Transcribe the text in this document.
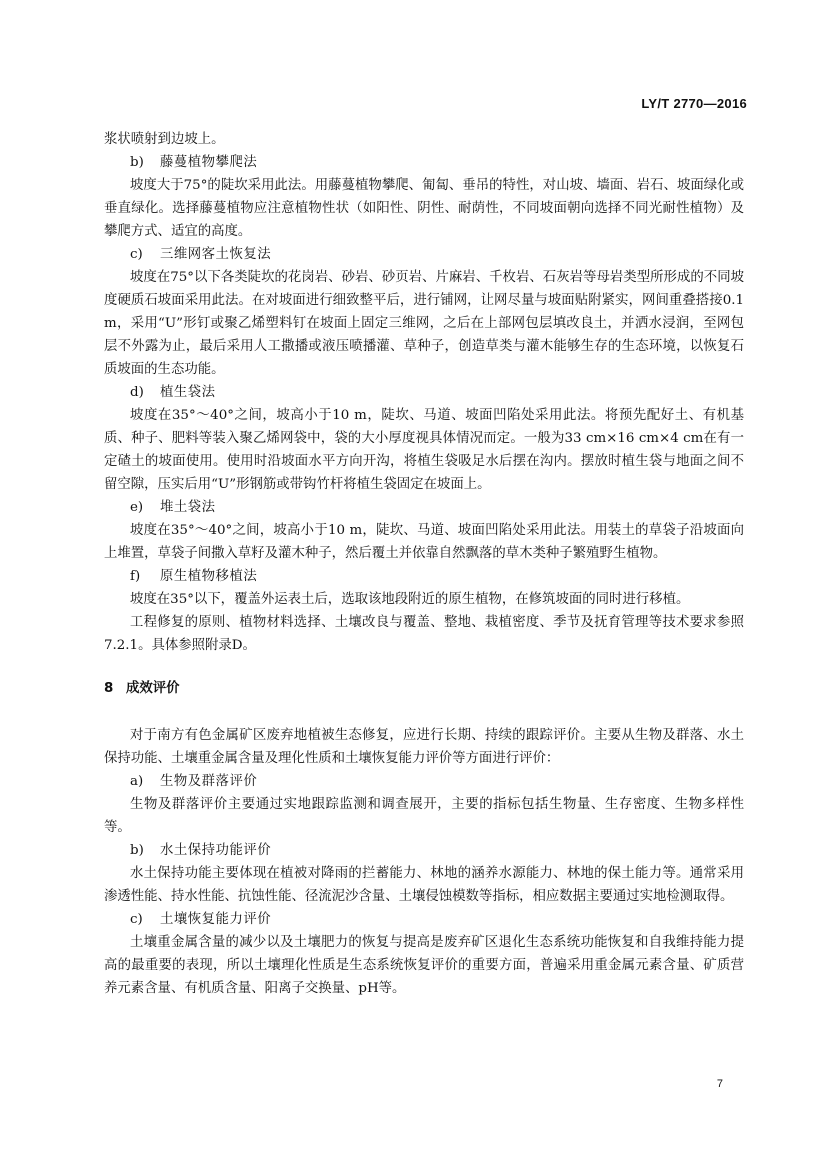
LY/T 2770—2016

浆状喷射到边坡上。

b) 藤蔓植物攀爬法

坡度大于75°的陡坎采用此法。用藤蔓植物攀爬、匍匐、垂吊的特性，对山坡、墙面、岩石、坡面绿化或垂直绿化。选择藤蔓植物应注意植物性状（如阳性、阴性、耐荫性，不同坡面朝向选择不同光耐性植物）及攀爬方式、适宜的高度。

c) 三维网客土恢复法

坡度在75°以下各类陡坎的花岗岩、砂岩、砂页岩、片麻岩、千枚岩、石灰岩等母岩类型所形成的不同坡度硬质石坡面采用此法。在对坡面进行细致整平后，进行铺网，让网尽量与坡面贴附紧实，网间重叠搭接0.1 m，采用“U”形钉或聚乙烯塑料钉在坡面上固定三维网，之后在上部网包层填改良土，并洒水浸润，至网包层不外露为止，最后采用人工撒播或液压喷播灌、草种子，创造草类与灌木能够生存的生态环境，以恢复石质坡面的生态功能。

d) 植生袋法

坡度在35°～40°之间，坡高小于10 m，陡坎、马道、坡面凹陷处采用此法。将预先配好土、有机基质、种子、肥料等装入聚乙烯网袋中，袋的大小厚度视具体情况而定。一般为33 cm×16 cm×4 cm在有一定碴土的坡面使用。使用时沿坡面水平方向开沟，将植生袋吸足水后摆在沟内。摆放时植生袋与地面之间不留空隙，压实后用“U”形钢筋或带钩竹杆将植生袋固定在坡面上。

e) 堆土袋法

坡度在35°～40°之间，坡高小于10 m，陡坎、马道、坡面凹陷处采用此法。用装土的草袋子沿坡面向上堆置，草袋子间撒入草籽及灌木种子，然后覆土并依靠自然飘落的草木类种子繁殖野生植物。

f) 原生植物移植法

坡度在35°以下，覆盖外运表土后，选取该地段附近的原生植物，在修筑坡面的同时进行移植。

工程修复的原则、植物材料选择、土壤改良与覆盖、整地、栽植密度、季节及抚育管理等技术要求参照7.2.1。具体参照附录D。

8 成效评价

对于南方有色金属矿区废弃地植被生态修复，应进行长期、持续的跟踪评价。主要从生物及群落、水土保持功能、土壤重金属含量及理化性质和土壤恢复能力评价等方面进行评价：

a) 生物及群落评价

生物及群落评价主要通过实地跟踪监测和调查展开，主要的指标包括生物量、生存密度、生物多样性等。

b) 水土保持功能评价

水土保持功能主要体现在植被对降雨的拦蓄能力、林地的涵养水源能力、林地的保土能力等。通常采用渗透性能、持水性能、抗蚀性能、径流泥沙含量、土壤侵蚀模数等指标，相应数据主要通过实地检测取得。

c) 土壤恢复能力评价

土壤重金属含量的减少以及土壤肥力的恢复与提高是废弃矿区退化生态系统功能恢复和自我维持能力提高的最重要的表现，所以土壤理化性质是生态系统恢复评价的重要方面，普遍采用重金属元素含量、矿质营养元素含量、有机质含量、阳离子交换量、pH等。

7
